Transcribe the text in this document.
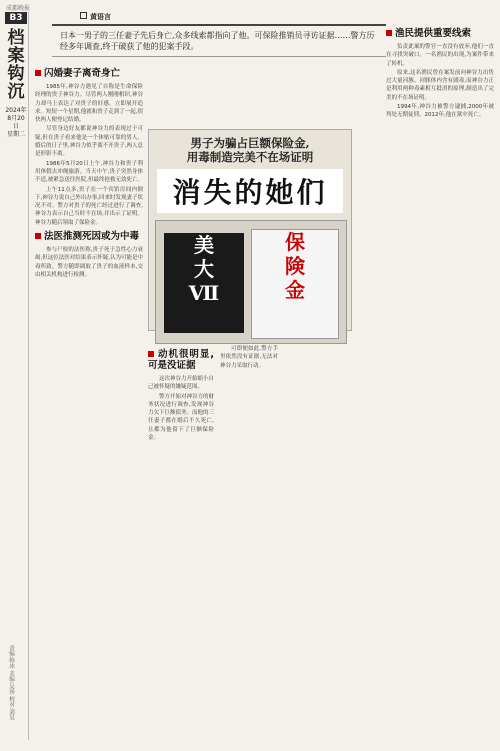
成都晚报
B3
档
案
钩
沉
2024年
8月20日
星期二
责编:韩冰 美编:吴珍 校对:刘昊
黄语言
日本一男子的三任妻子先后身亡,众多线索都指向了他。可保险推销员寻访证据……警方历经多年调查,终于破获了他的犯案手段。
闪婚妻子离奇身亡

1985年,神谷力遇见了自称是生命保险经理的贵子神谷力。尽管两人刚刚相识,神谷力却马上表达了对贵子的好感。立即展开追求。短短一个星期,他就和贵子走到了一起,很快两人便登记结婚。

尽管身边好友都说神谷力的表现过于可疑,但在贵子看来他是一个体贴可靠的男人。婚后的日子里,神谷力似乎离不开贵子,两人总是形影不离。

1986年5月20日上午,神谷力和贵子利用休假去冲绳旅游。当天中午,贵子突然身体不适,被紧急送往医院,但最终抢救无效死亡。

上午11点多,贵子在一个宾馆房间内倒下,神谷力说自己外出办事,回来时发现妻子状况不对。警方对贵子的死亡经过进行了调查,神谷力表示自己当时不在场,并出示了证明。神谷力随后领取了保险金。

法医推测死因或为中毒

参与尸检的法医称,贵子死于急性心力衰竭,但这位法医对结果表示怀疑,认为可能是中毒所致。警方随即调取了贵子的血液样本,交由相关机构进行检测。

男子为骗占巨额保险金,
用毒制造完美不在场证明
消失的她们
美
大
Ⅶ
保
険
金
动机很明显,可是没证据

这次神谷力开始缩小自己被怀疑的嫌疑范围。

警方开始对神谷力的财务状况进行调查,发现神谷力欠下巨额债务。而他的三任妻子都在婚后不久死亡,且都为他留下了巨额保险金。

可即便如此,警方手里依然没有证据,无法对神谷力采取行动。

渔民提供重要线索

负责此案的警官一直没有放弃,他们一直在寻找突破口。一名渔民的出现,为案件带来了转机。

原来,这名渔民曾在案发前向神谷力出售过大量河豚。河豚体内含有剧毒,而神谷力正是利用两种毒素相互抵消的原理,制造出了完美的不在场证明。

1994年,神谷力被警方逮捕,2000年被判处无期徒刑。2012年,他在狱中死亡。
